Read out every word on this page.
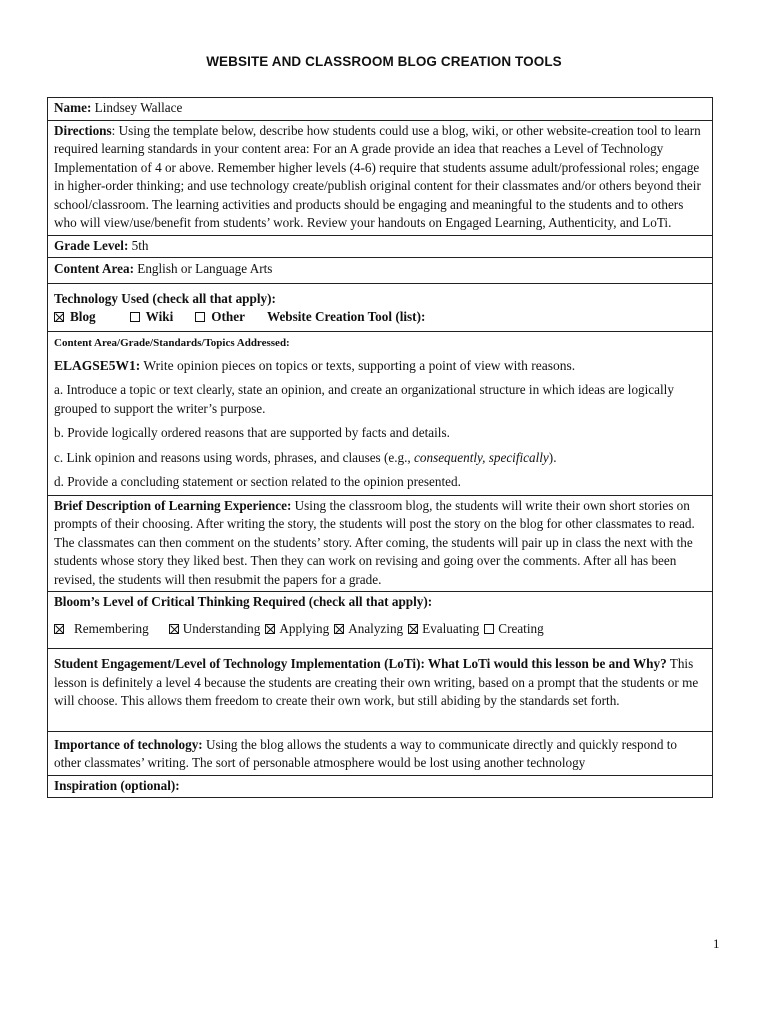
WEBSITE AND CLASSROOM BLOG CREATION TOOLS
Name: Lindsey Wallace
Directions: Using the template below, describe how students could use a blog, wiki, or other website-creation tool to learn required learning standards in your content area: For an A grade provide an idea that reaches a Level of Technology Implementation of 4 or above. Remember higher levels (4-6) require that students assume adult/professional roles; engage in higher-order thinking; and use technology create/publish original content for their classmates and/or others beyond their school/classroom. The learning activities and products should be engaging and meaningful to the students and to others who will view/use/benefit from students’ work. Review your handouts on Engaged Learning, Authenticity, and LoTi.
Grade Level: 5th
Content Area: English or Language Arts

Technology Used (check all that apply):

Blog	Wiki	Other Website Creation Tool (list):

Content Area/Grade/Standards/Topics Addressed:

ELAGSE5W1: Write opinion pieces on topics or texts, supporting a point of view with reasons.

a. Introduce a topic or text clearly, state an opinion, and create an organizational structure in which ideas are logically grouped to support the writer’s purpose.

b. Provide logically ordered reasons that are supported by facts and details.

c. Link opinion and reasons using words, phrases, and clauses (e.g., consequently, specifically).

d. Provide a concluding statement or section related to the opinion presented.

Brief Description of Learning Experience: Using the classroom blog, the students will write their own short stories on prompts of their choosing. After writing the story, the students will post the story on the blog for other classmates to read. The classmates can then comment on the students’ story. After coming, the students will pair up in class the next with the students whose story they liked best. Then they can work on revising and going over the comments. After all has been revised, the students will then resubmit the papers for a grade.

Bloom’s Level of Critical Thinking Required (check all that apply):

Remembering	Understanding Applying Analyzing Evaluating Creating

Student Engagement/Level of Technology Implementation (LoTi): What LoTi would this lesson be and Why? This lesson is definitely a level 4 because the students are creating their own writing, based on a prompt that the students or me will choose. This allows them freedom to create their own work, but still abiding by the standards set forth.
Importance of technology: Using the blog allows the students a way to communicate directly and quickly respond to other classmates’ writing. The sort of personable atmosphere would be lost using another technology
Inspiration (optional):
1
